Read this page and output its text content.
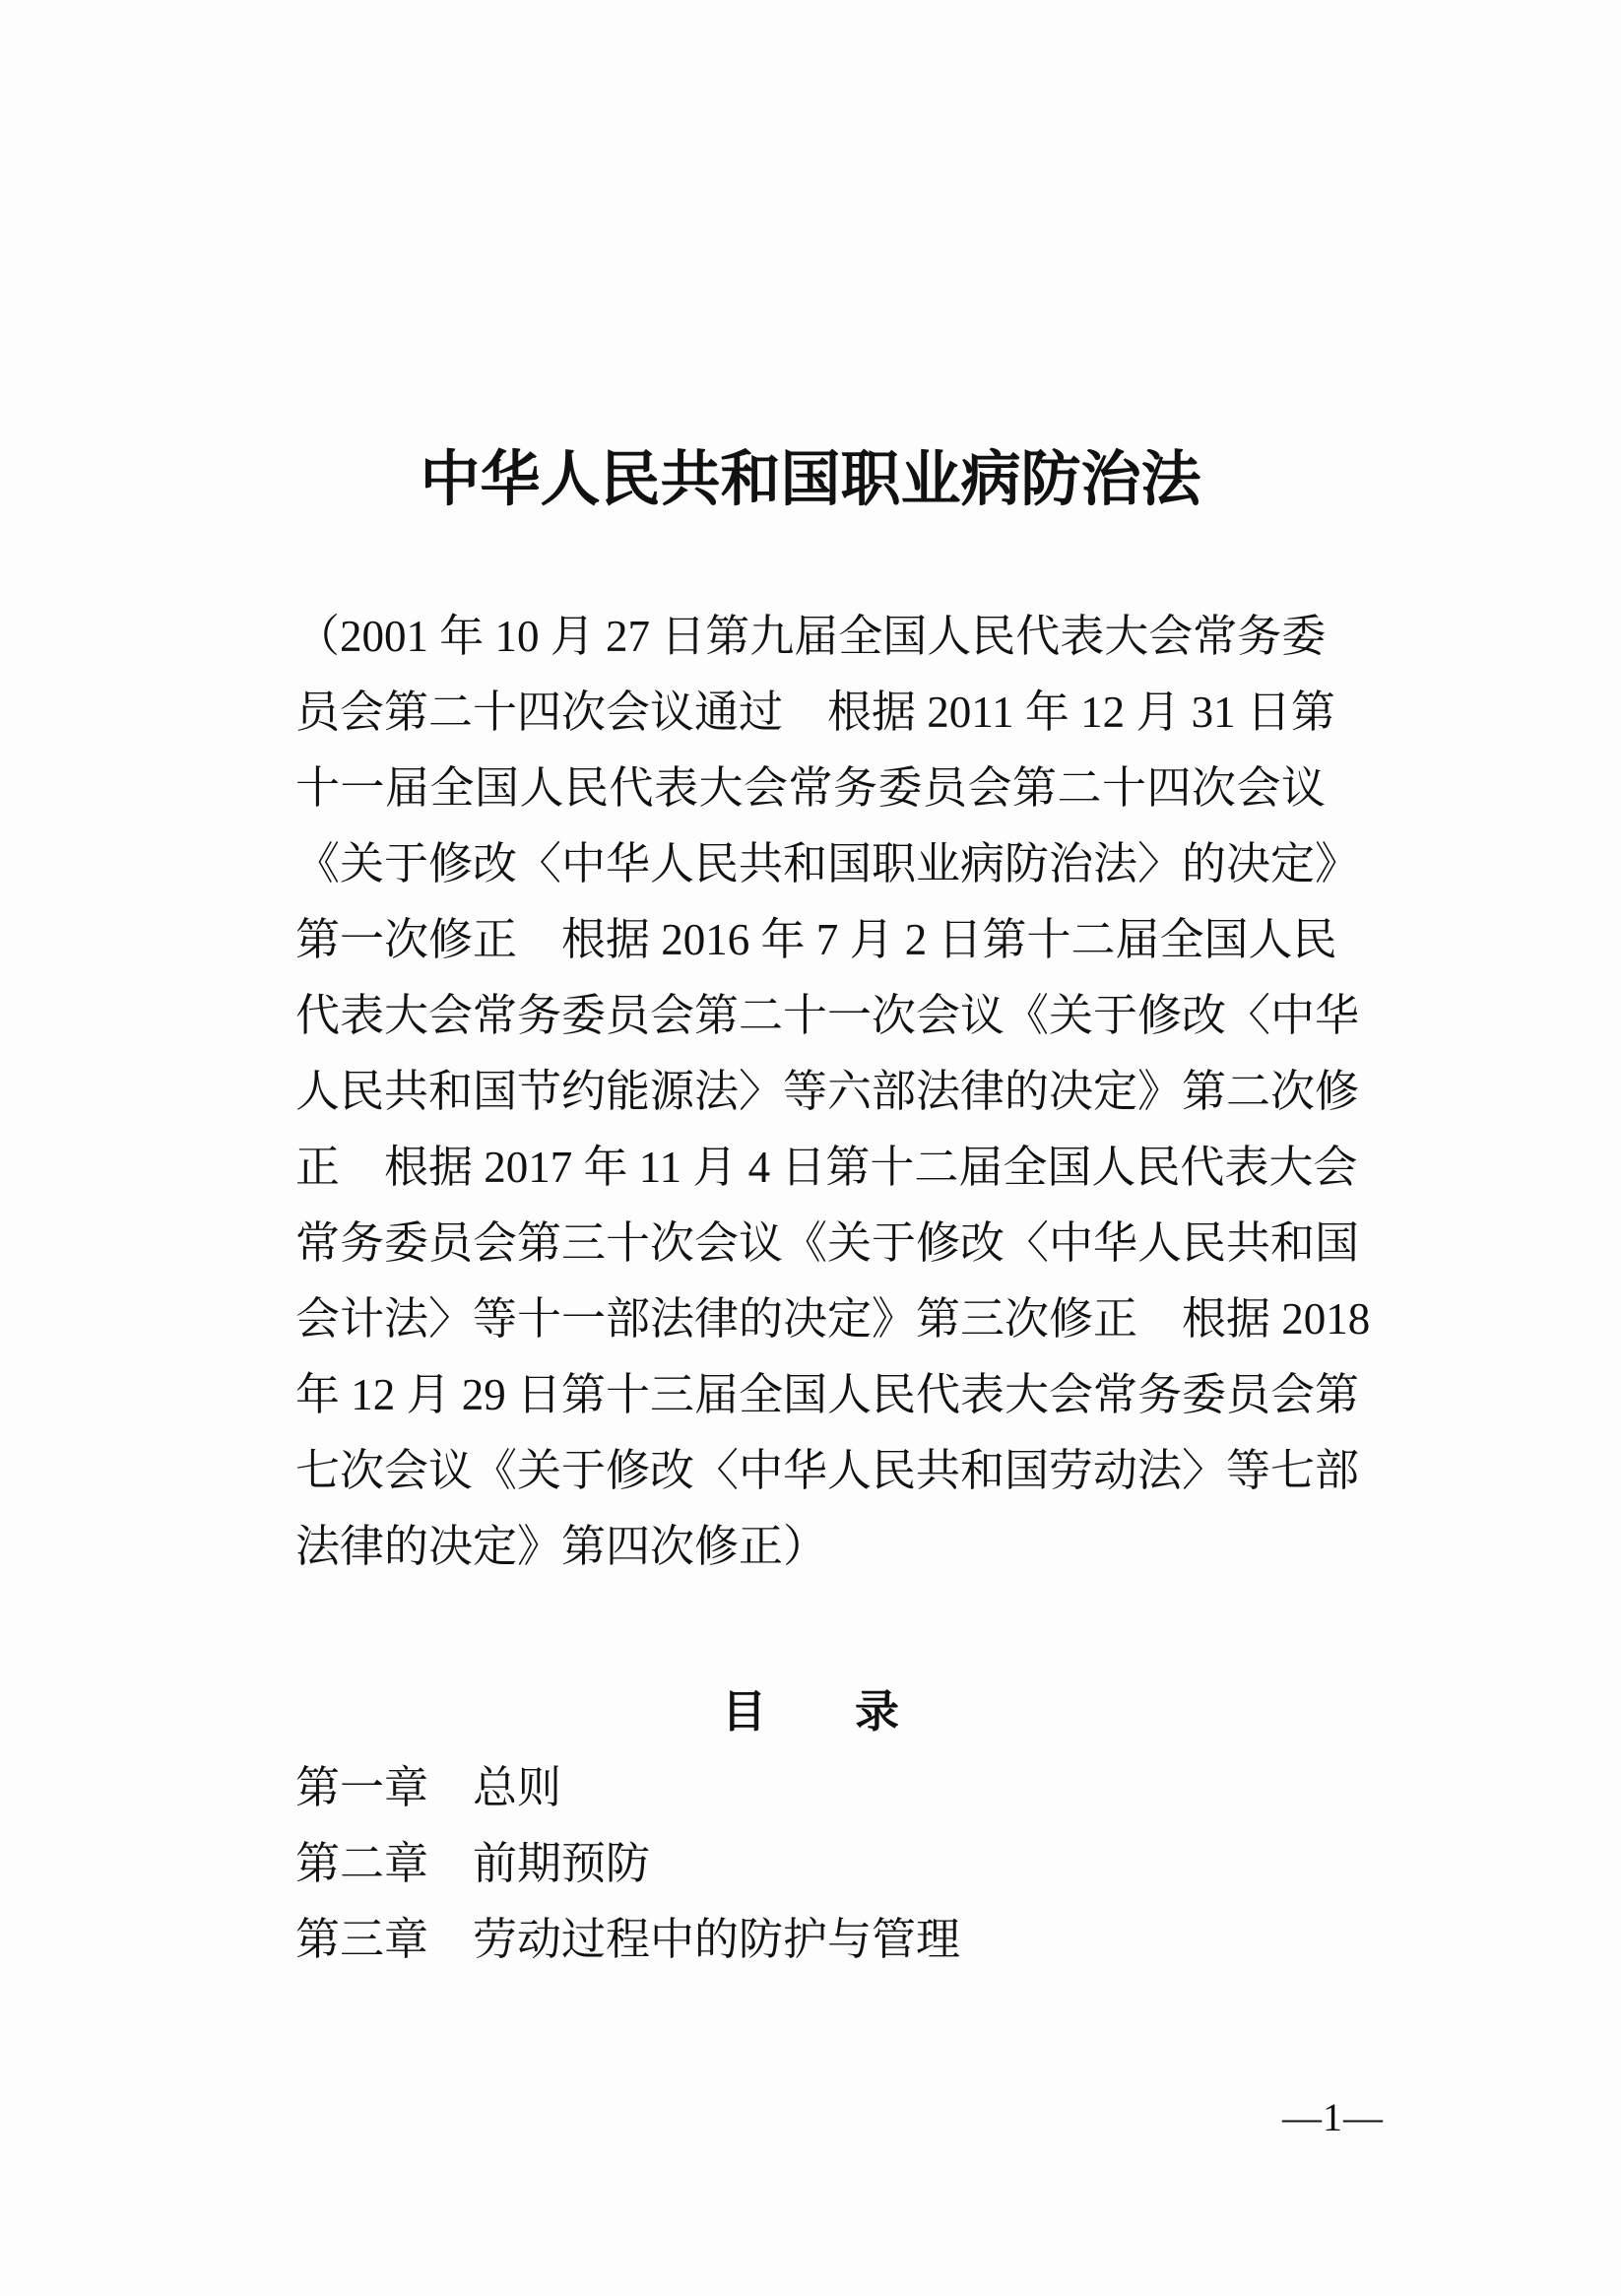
中华人民共和国职业病防治法
（2001 年 10 月 27 日第九届全国人民代表大会常务委
员会第二十四次会议通过　根据 2011 年 12 月 31 日第
十一届全国人民代表大会常务委员会第二十四次会议
《关于修改〈中华人民共和国职业病防治法〉的决定》
第一次修正　根据 2016 年 7 月 2 日第十二届全国人民
代表大会常务委员会第二十一次会议《关于修改〈中华
人民共和国节约能源法〉等六部法律的决定》第二次修
正　根据 2017 年 11 月 4 日第十二届全国人民代表大会
常务委员会第三十次会议《关于修改〈中华人民共和国
会计法〉等十一部法律的决定》第三次修正　根据 2018
年 12 月 29 日第十三届全国人民代表大会常务委员会第
七次会议《关于修改〈中华人民共和国劳动法〉等七部
法律的决定》第四次修正）
目　　录
第一章　总则
第二章　前期预防
第三章　劳动过程中的防护与管理
—1—
